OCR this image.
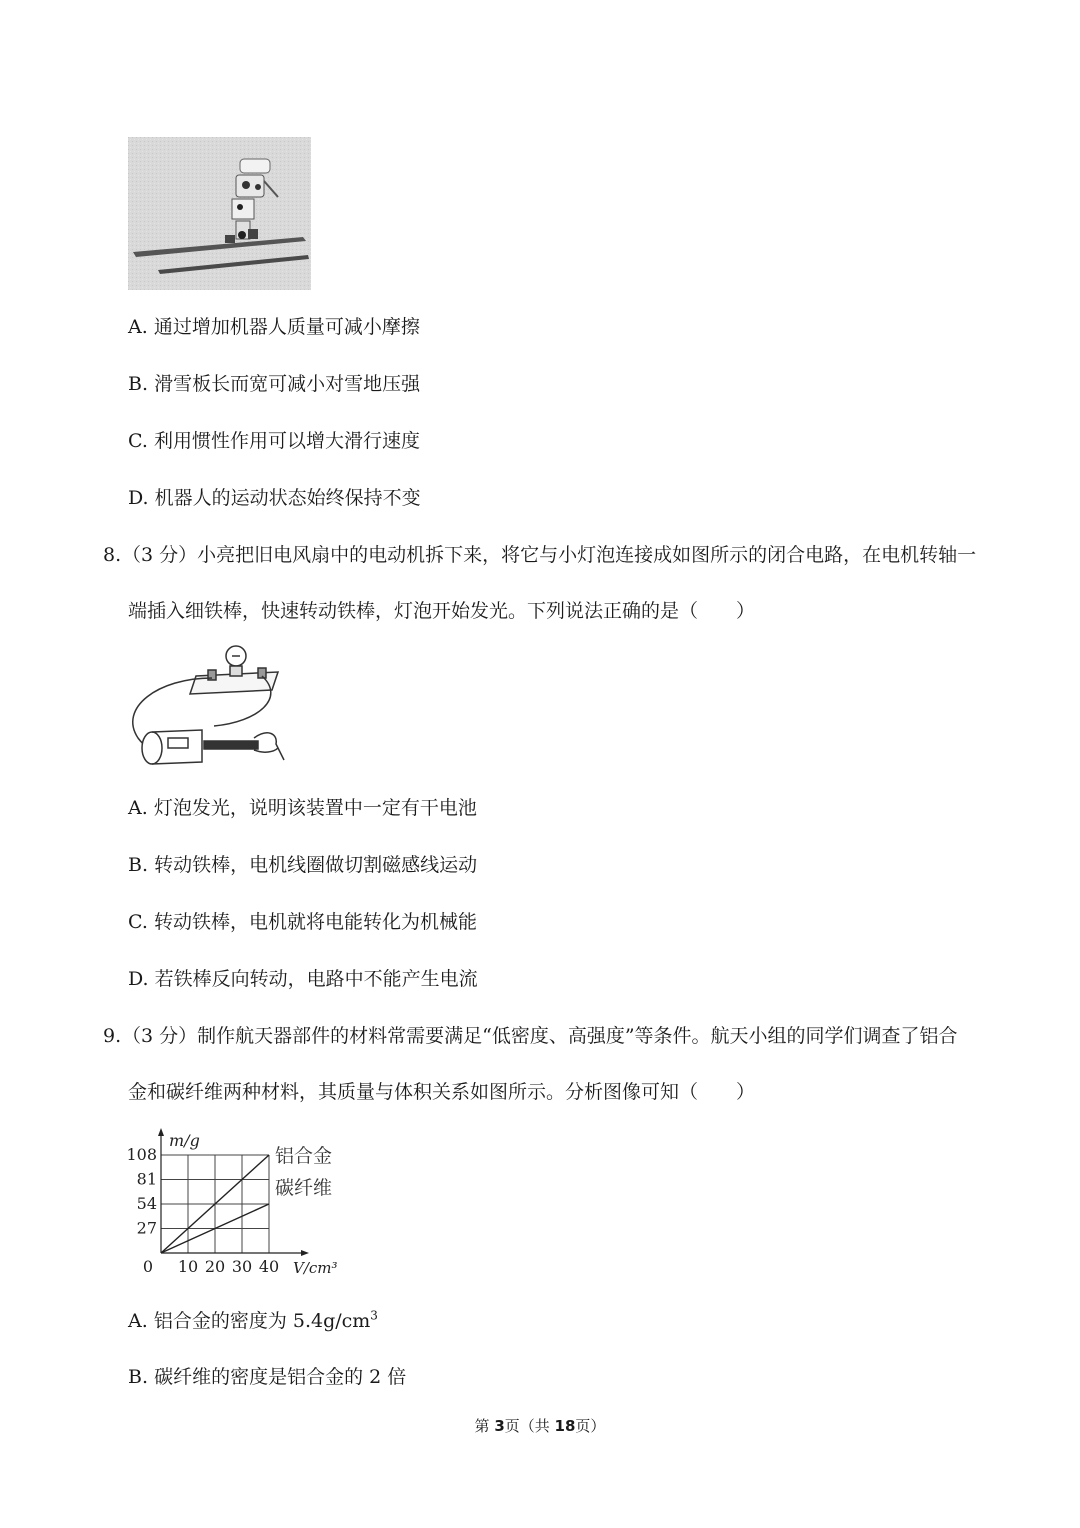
A. 通过增加机器人质量可减小摩擦
B. 滑雪板长而宽可减小对雪地压强
C. 利用惯性作用可以增大滑行速度
D. 机器人的运动状态始终保持不变
8. （3 分）小亮把旧电风扇中的电动机拆下来，将它与小灯泡连接成如图所示的闭合电路，在电机转轴一
端插入细铁棒，快速转动铁棒，灯泡开始发光。下列说法正确的是（　　）
A. 灯泡发光，说明该装置中一定有干电池
B. 转动铁棒，电机线圈做切割磁感线运动
C. 转动铁棒，电机就将电能转化为机械能
D. 若铁棒反向转动，电路中不能产生电流
9. （3 分）制作航天器部件的材料常需要满足“低密度、高强度”等条件。航天小组的同学们调查了铝合
金和碳纤维两种材料，其质量与体积关系如图所示。分析图像可知（　　）
27
54
81
108
0 10 20 30 40
m/g
V/cm³
铝合金
碳纤维
A. 铝合金的密度为 $5.4g/cm^3$
B. 碳纤维的密度是铝合金的 2 倍
第 3页（共 18页）
